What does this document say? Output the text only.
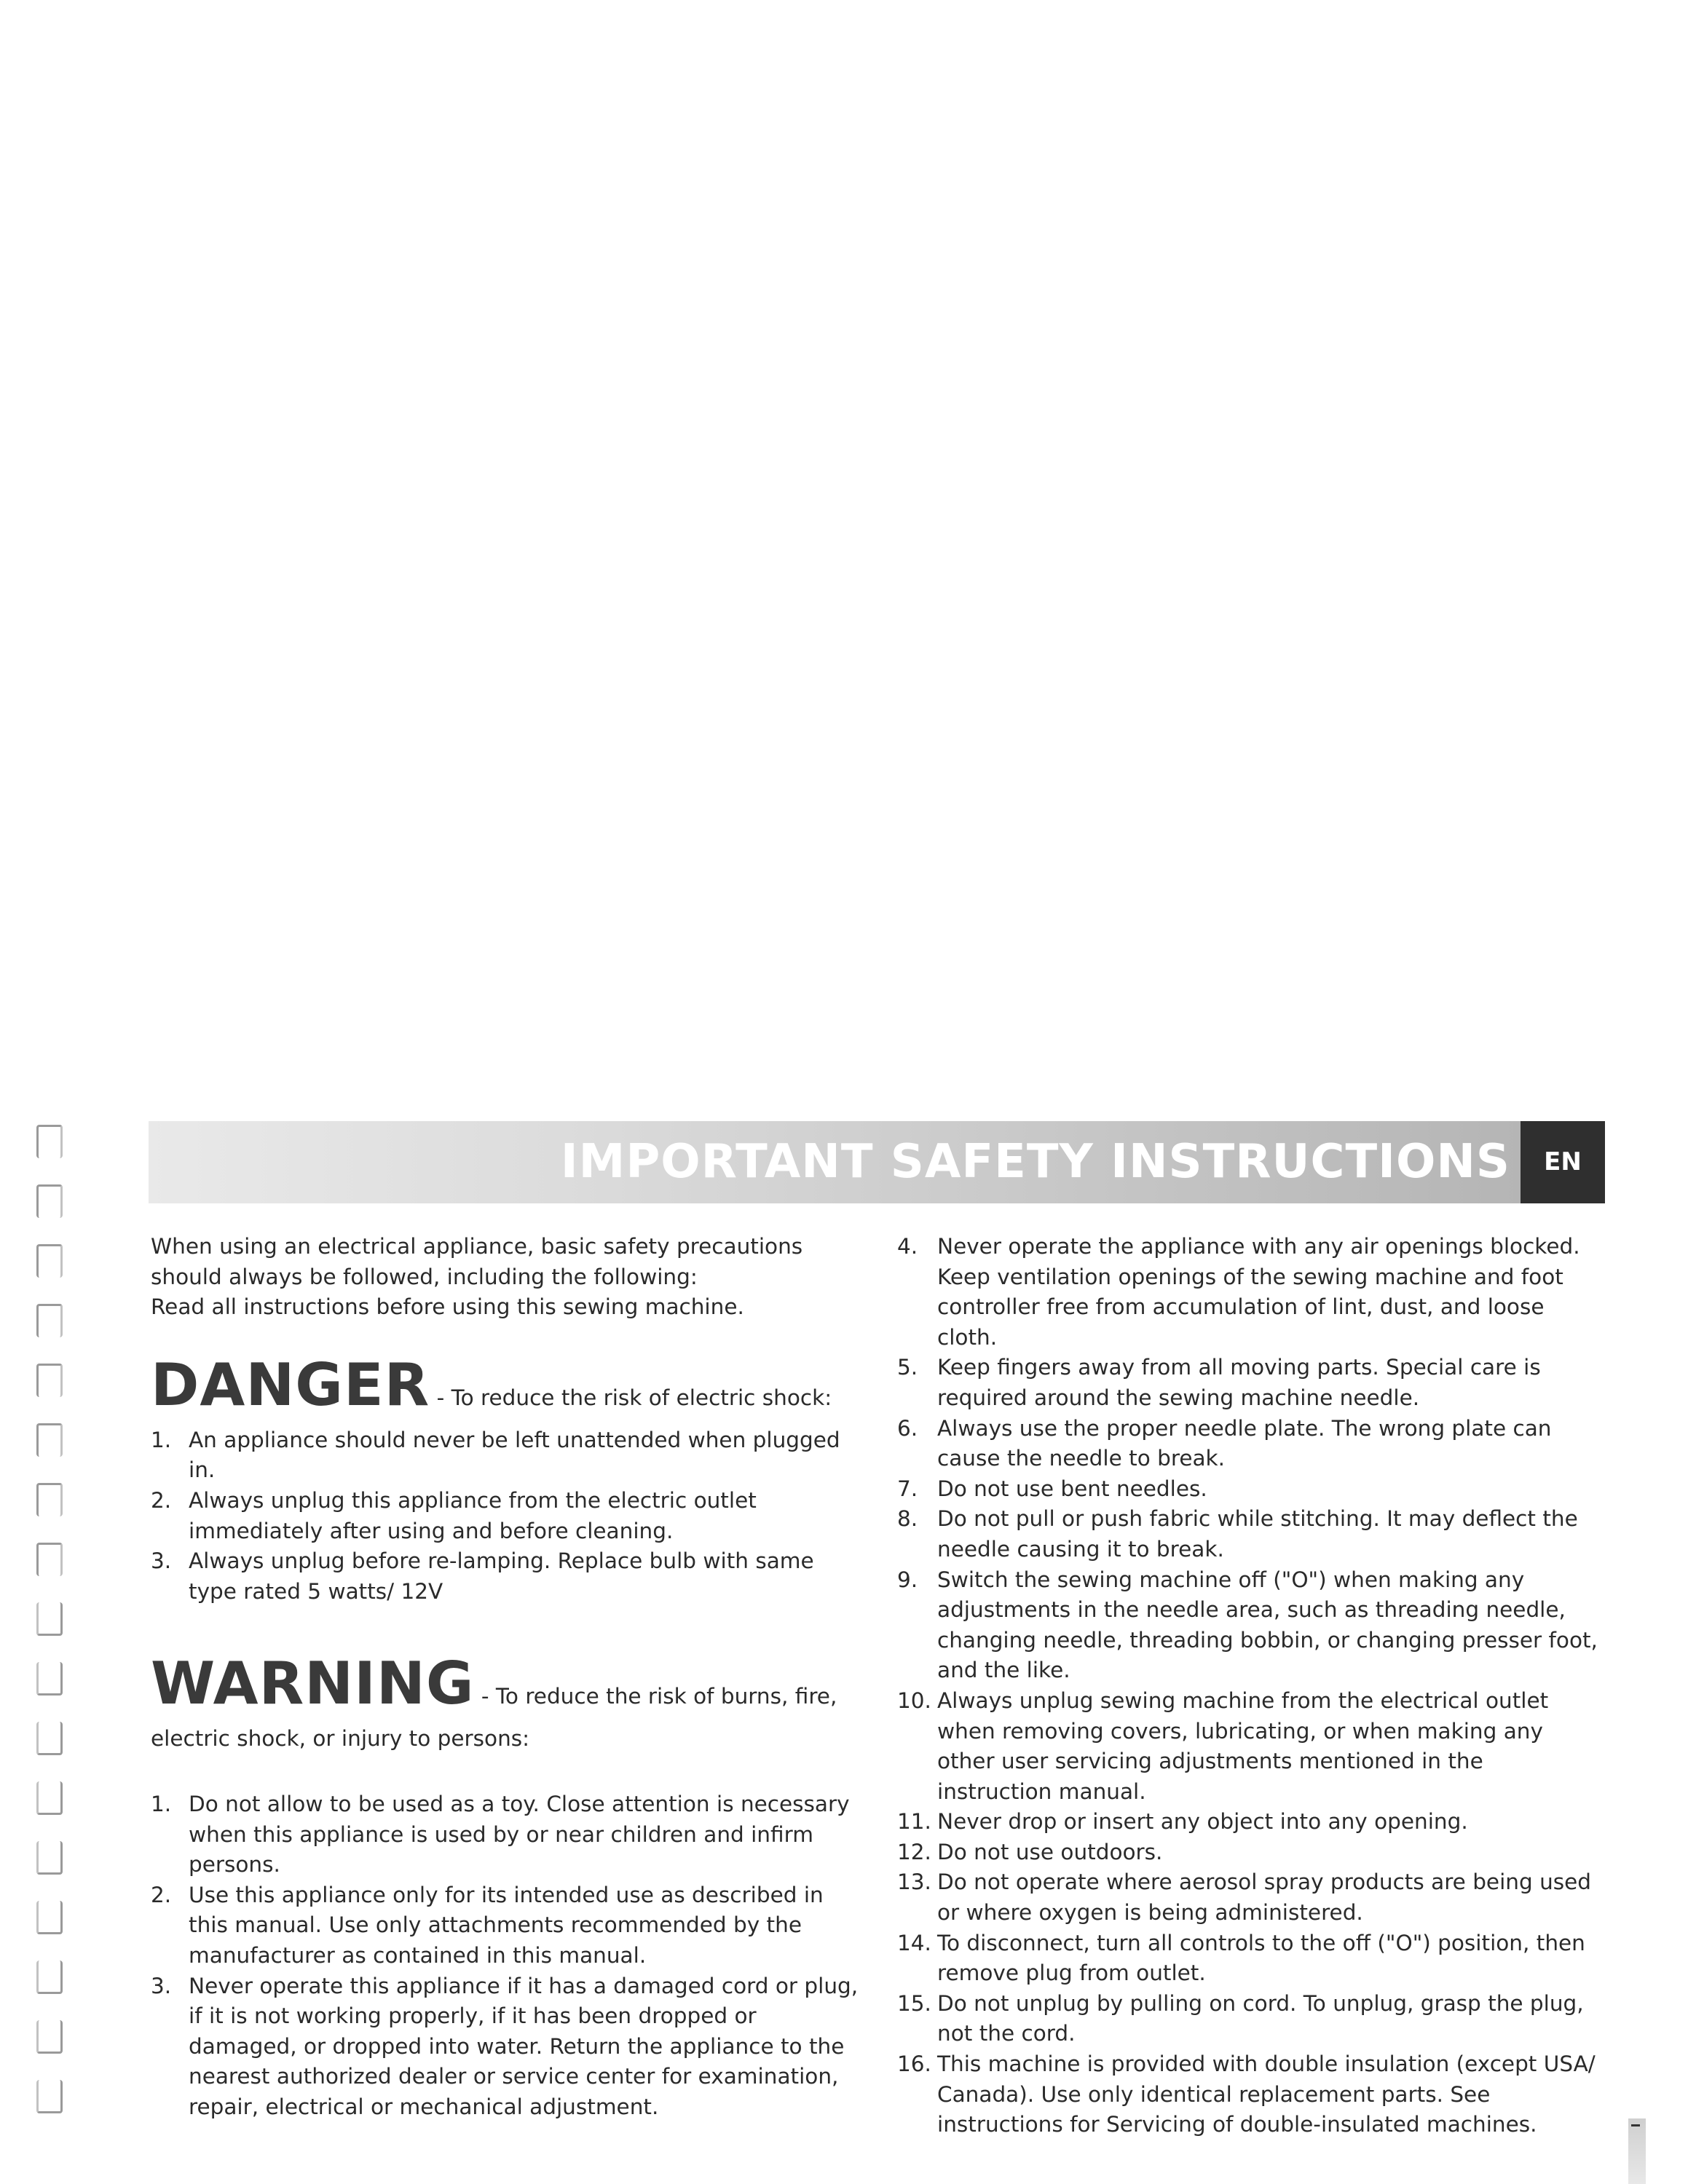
IMPORTANT SAFETY INSTRUCTIONS	EN

When using an electrical appliance, basic safety precautions

should always be followed, including the following:

Read all instructions before using this sewing machine.

DANGER - To reduce the risk of electric shock:
1. An appliance should never be left unattended when plugged in.
2. Always unplug this appliance from the electric outlet immediately after using and before cleaning.
3. Always unplug before re-lamping. Replace bulb with same type rated 5 watts/ 12V
WARNING - To reduce the risk of burns, fire,

electric shock, or injury to persons:

1. Do not allow to be used as a toy. Close attention is necessary when this appliance is used by or near children and infirm persons.
2. Use this appliance only for its intended use as described in this manual. Use only attachments recommended by the manufacturer as contained in this manual.
3. Never operate this appliance if it has a damaged cord or plug, if it is not working properly, if it has been dropped or damaged, or dropped into water. Return the appliance to the nearest authorized dealer or service center for examination, repair, electrical or mechanical adjustment.
4. Never operate the appliance with any air openings blocked. Keep ventilation openings of the sewing machine and foot controller free from accumulation of lint, dust, and loose cloth.
5. Keep fingers away from all moving parts. Special care is required around the sewing machine needle.
6. Always use the proper needle plate. The wrong plate can cause the needle to break.
7. Do not use bent needles.
8. Do not pull or push fabric while stitching. It may deflect the needle causing it to break.
9. Switch the sewing machine off ("O") when making any adjustments in the needle area, such as threading needle, changing needle, threading bobbin, or changing presser foot, and the like.
10. Always unplug sewing machine from the electrical outlet when removing covers, lubricating, or when making any other user servicing adjustments mentioned in the instruction manual.
11. Never drop or insert any object into any opening.
12. Do not use outdoors.
13. Do not operate where aerosol spray products are being used or where oxygen is being administered.
14. To disconnect, turn all controls to the off ("O") position, then remove plug from outlet.
15. Do not unplug by pulling on cord. To unplug, grasp the plug, not the cord.
16. This machine is provided with double insulation (except USA/ Canada). Use only identical replacement parts. See instructions for Servicing of double-insulated machines.
